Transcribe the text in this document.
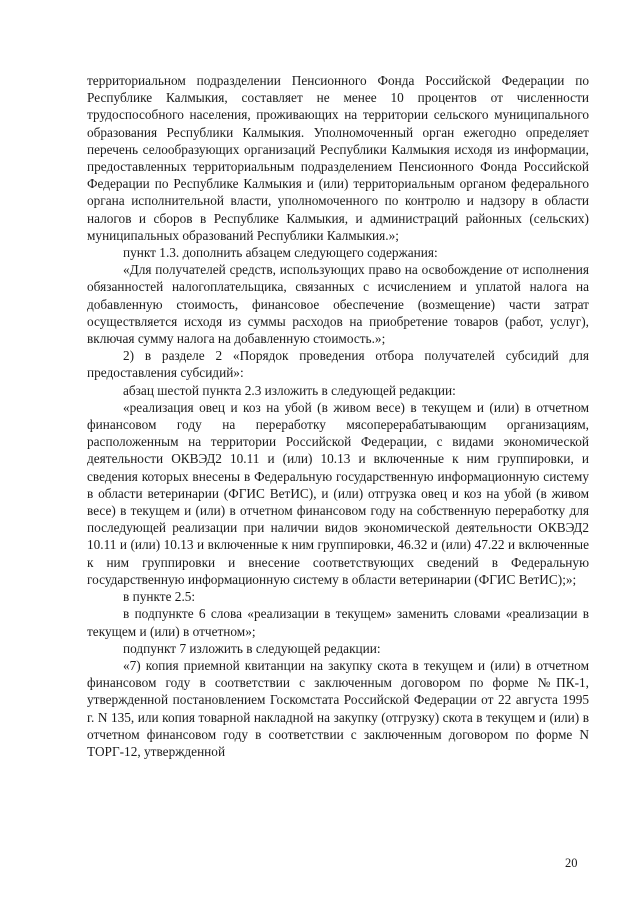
территориальном подразделении Пенсионного Фонда Российской Федерации по Республике Калмыкия, составляет не менее 10 процентов от численности трудоспособного населения, проживающих на территории сельского муниципального образования Республики Калмыкия. Уполномоченный орган ежегодно определяет перечень селообразующих организаций Республики Калмыкия исходя из информации, предоставленных территориальным подразделением Пенсионного Фонда Российской Федерации по Республике Калмыкия и (или) территориальным органом федерального органа исполнительной власти, уполномоченного по контролю и надзору в области налогов и сборов в Республике Калмыкия, и администраций районных (сельских) муниципальных образований Республики Калмыкия.»;

пункт 1.3. дополнить абзацем следующего содержания:

«Для получателей средств, использующих право на освобождение от исполнения обязанностей налогоплательщика, связанных с исчислением и уплатой налога на добавленную стоимость, финансовое обеспечение (возмещение) части затрат осуществляется исходя из суммы расходов на приобретение товаров (работ, услуг), включая сумму налога на добавленную стоимость.»;

2) в разделе 2 «Порядок проведения отбора получателей субсидий для предоставления субсидий»:

абзац шестой пункта 2.3 изложить в следующей редакции:

«реализация овец и коз на убой (в живом весе) в текущем и (или) в отчетном финансовом году на переработку мясоперерабатывающим организациям, расположенным на территории Российской Федерации, с видами экономической деятельности ОКВЭД2 10.11 и (или) 10.13 и включенные к ним группировки, и сведения которых внесены в Федеральную государственную информационную систему в области ветеринарии (ФГИС ВетИС), и (или) отгрузка овец и коз на убой (в живом весе) в текущем и (или) в отчетном финансовом году на собственную переработку для последующей реализации при наличии видов экономической деятельности ОКВЭД2 10.11 и (или) 10.13 и включенные к ним группировки, 46.32 и (или) 47.22 и включенные к ним группировки и внесение соответствующих сведений в Федеральную государственную информационную систему в области ветеринарии (ФГИС ВетИС);»;

в пункте 2.5:

в подпункте 6 слова «реализации в текущем» заменить словами «реализации в текущем и (или) в отчетном»;

подпункт 7 изложить в следующей редакции:

«7) копия приемной квитанции на закупку скота в текущем и (или) в отчетном финансовом году в соответствии с заключенным договором по форме №ПК-1, утвержденной постановлением Госкомстата Российской Федерации от 22 августа 1995 г. N 135, или копия товарной накладной на закупку (отгрузку) скота в текущем и (или) в отчетном финансовом году в соответствии с заключенным договором по форме N ТОРГ-12, утвержденной

20
